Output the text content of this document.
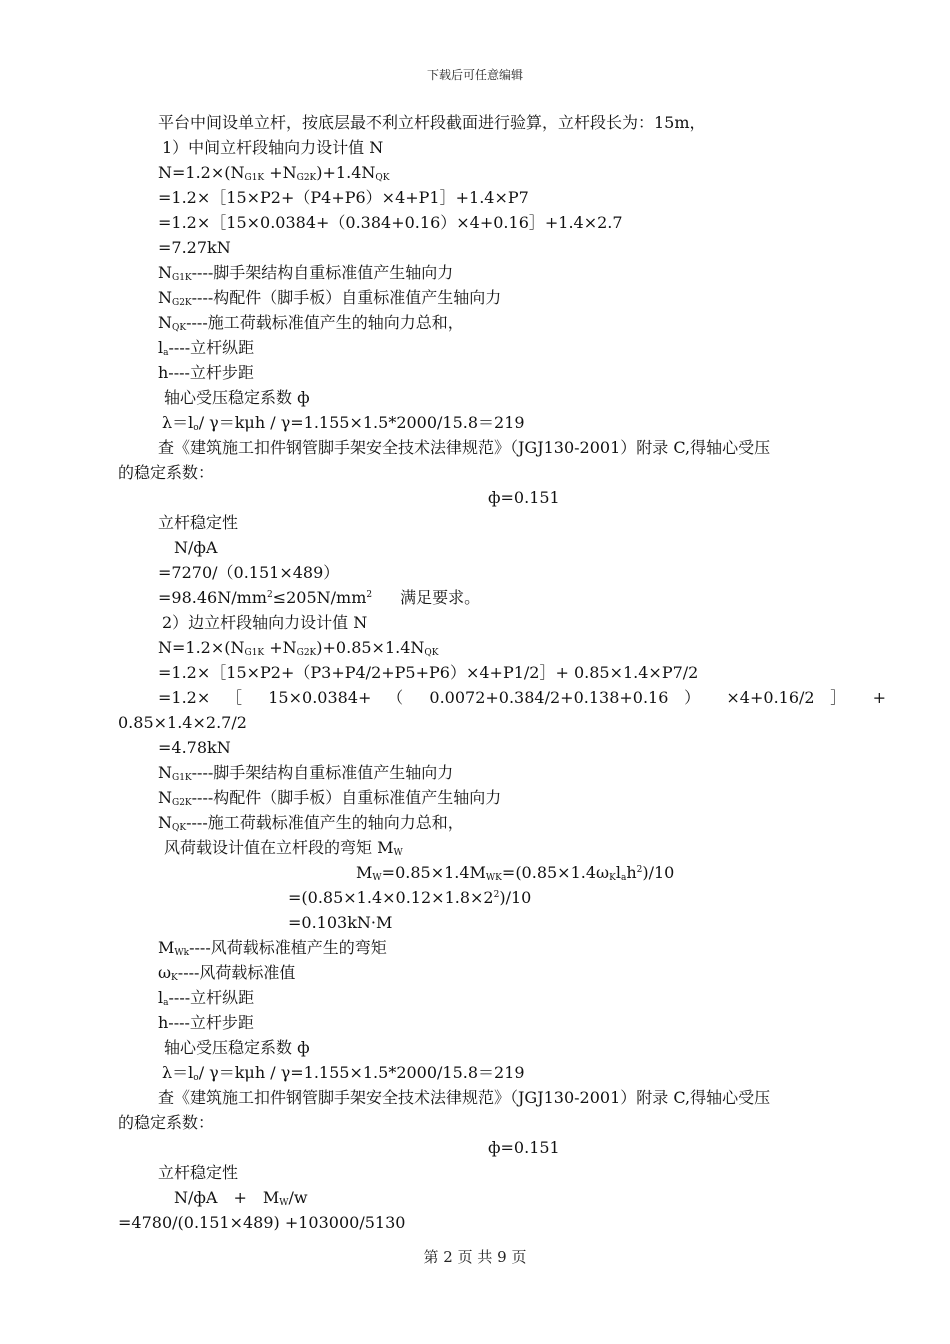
下载后可任意编辑
平台中间设单立杆，按底层最不利立杆段截面进行验算，立杆段长为：15m，
1）中间立杆段轴向力设计值 N
$N=1.2\times(N_{G1K} +N_{G2K})+1.4N_{QK}$
=1.2×［15×P2+（P4+P6）×4+P1］+1.4×P7
=1.2×［15×0.0384+（0.384+0.16）×4+0.16］+1.4×2.7
=7.27kN
$N_{G1K}----$脚手架结构自重标准值产生轴向力
$N_{G2K}----$构配件（脚手板）自重标准值产生轴向力
$N_{QK}----$施工荷载标准值产生的轴向力总和，
$l_a----$立杆纵距
h----立杆步距
轴心受压稳定系数 ф
$\lambda=l_o/$ γ＝kμh / γ=1.155×1.5*2000/15.8＝219
查《建筑施工扣件钢管脚手架安全技术法律规范》（JGJ130-2001）附录 C,得轴心受压
的稳定系数：
ф=0.151
立杆稳定性
N/фA
=7270/（0.151×489）
$=98.46N/mm^2\le 205N/mm^2$ 满足要求。
2）边立杆段轴向力设计值 N
$N=1.2\times(N_{G1K} +N_{G2K})+0.85\times 1.4N_{QK}$
=1.2×［15×P2+（P3+P4/2+P5+P6）×4+P1/2］+ 0.85×1.4×P7/2
=1.2× ［ 15×0.0384+ （ 0.0072+0.384/2+0.138+0.16 ） ×4+0.16/2 ］ +
0.85×1.4×2.7/2
=4.78kN
$N_{G1K}----$脚手架结构自重标准值产生轴向力
$N_{G2K}----$构配件（脚手板）自重标准值产生轴向力
$N_{QK}----$施工荷载标准值产生的轴向力总和，
风荷载设计值在立杆段的弯矩 $M_W$
$M_W=0.85\times 1.4M_{WK}=(0.85\times 1.4\omega_Kl_ah^2)/10$
$=(0.85\times 1.4\times 0.12\times 1.8\times 2^2)/10$
=0.103kN·M
$M_{Wk}----$风荷载标准植产生的弯矩
$\omega_K----$风荷载标准值
$l_a----$立杆纵距
h----立杆步距
轴心受压稳定系数 ф
$\lambda=l_o/$ γ＝kμh / γ=1.155×1.5*2000/15.8＝219
查《建筑施工扣件钢管脚手架安全技术法律规范》（JGJ130-2001）附录 C,得轴心受压
的稳定系数：
ф=0.151
立杆稳定性
$N/фA + M_W/w$
=4780/(0.151×489) +103000/5130
第 2 页 共 9 页
